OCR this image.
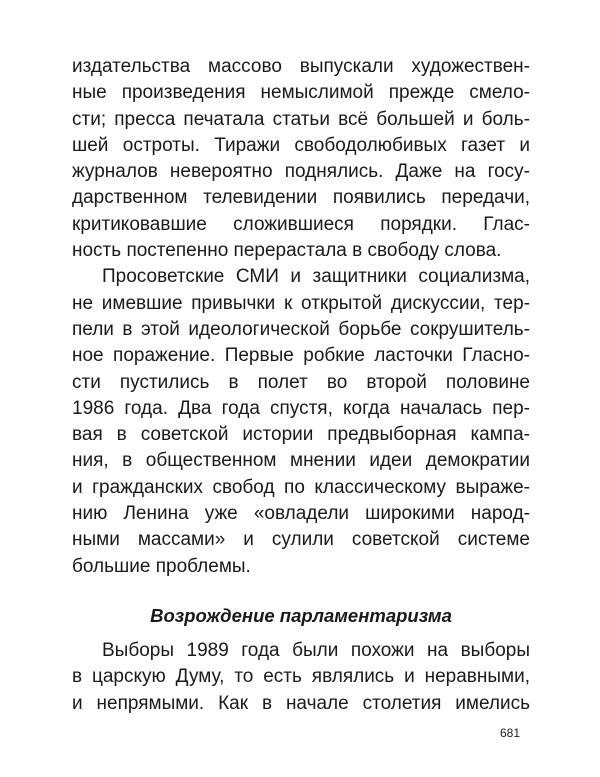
издательства массово выпускали художествен-
ные произведения немыслимой прежде смело-
сти; пресса печатала статьи всё большей и боль-
шей остроты. Тиражи свободолюбивых газет и
журналов невероятно поднялись. Даже на госу-
дарственном телевидении появились передачи,
критиковавшие сложившиеся порядки. Глас-
ность постепенно перерастала в свободу слова.
Просоветские СМИ и защитники социализма,
не имевшие привычки к открытой дискуссии, тер-
пели в этой идеологической борьбе сокрушитель-
ное поражение. Первые робкие ласточки Гласно-
сти пустились в полет во второй половине
1986 года. Два года спустя, когда началась пер-
вая в советской истории предвыборная кампа-
ния, в общественном мнении идеи демократии
и гражданских свобод по классическому выраже-
нию Ленина уже «овладели широкими народ-
ными массами» и сулили советской системе
большие проблемы.
Возрождение парламентаризма
Выборы 1989 года были похожи на выборы
в царскую Думу, то есть являлись и неравными,
и непрямыми. Как в начале столетия имелись
681
